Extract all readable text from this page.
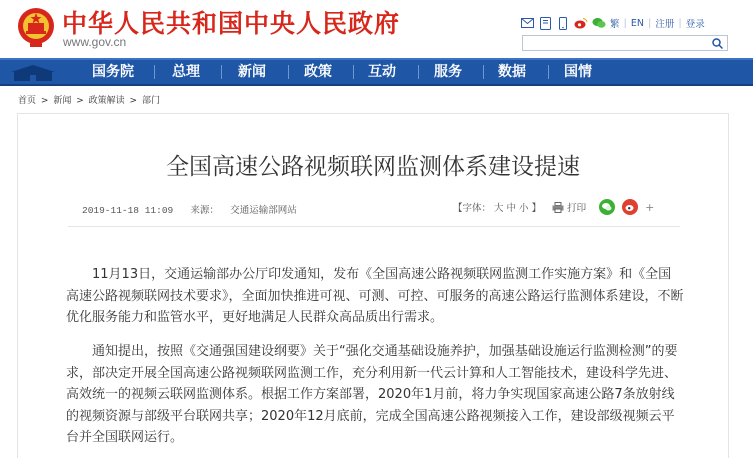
中华人民共和国中央人民政府
www.gov.cn
繁 | EN | 注册 | 登录
国务院	总理	新闻	政策	互动	服务	数据	国情
首页 > 新闻 > 政策解读 > 部门
全国高速公路视频联网监测体系建设提速
2019-11-18 11:09 来源： 交通运输部网站	【字体： 大 中 小 】	打印	+

11月13日，交通运输部办公厅印发通知，发布《全国高速公路视频联网监测工作实施方案》和《全国高速公路视频联网技术要求》，全面加快推进可视、可测、可控、可服务的高速公路运行监测体系建设，不断优化服务能力和监管水平，更好地满足人民群众高品质出行需求。

通知提出，按照《交通强国建设纲要》关于“强化交通基础设施养护，加强基础设施运行监测检测”的要求，部决定开展全国高速公路视频联网监测工作，充分利用新一代云计算和人工智能技术，建设科学先进、高效统一的视频云联网监测体系。根据工作方案部署，2020年1月前，将力争实现国家高速公路7条放射线的视频资源与部级平台联网共享；2020年12月底前，完成全国高速公路视频接入工作，建设部级视频云平台并全国联网运行。
